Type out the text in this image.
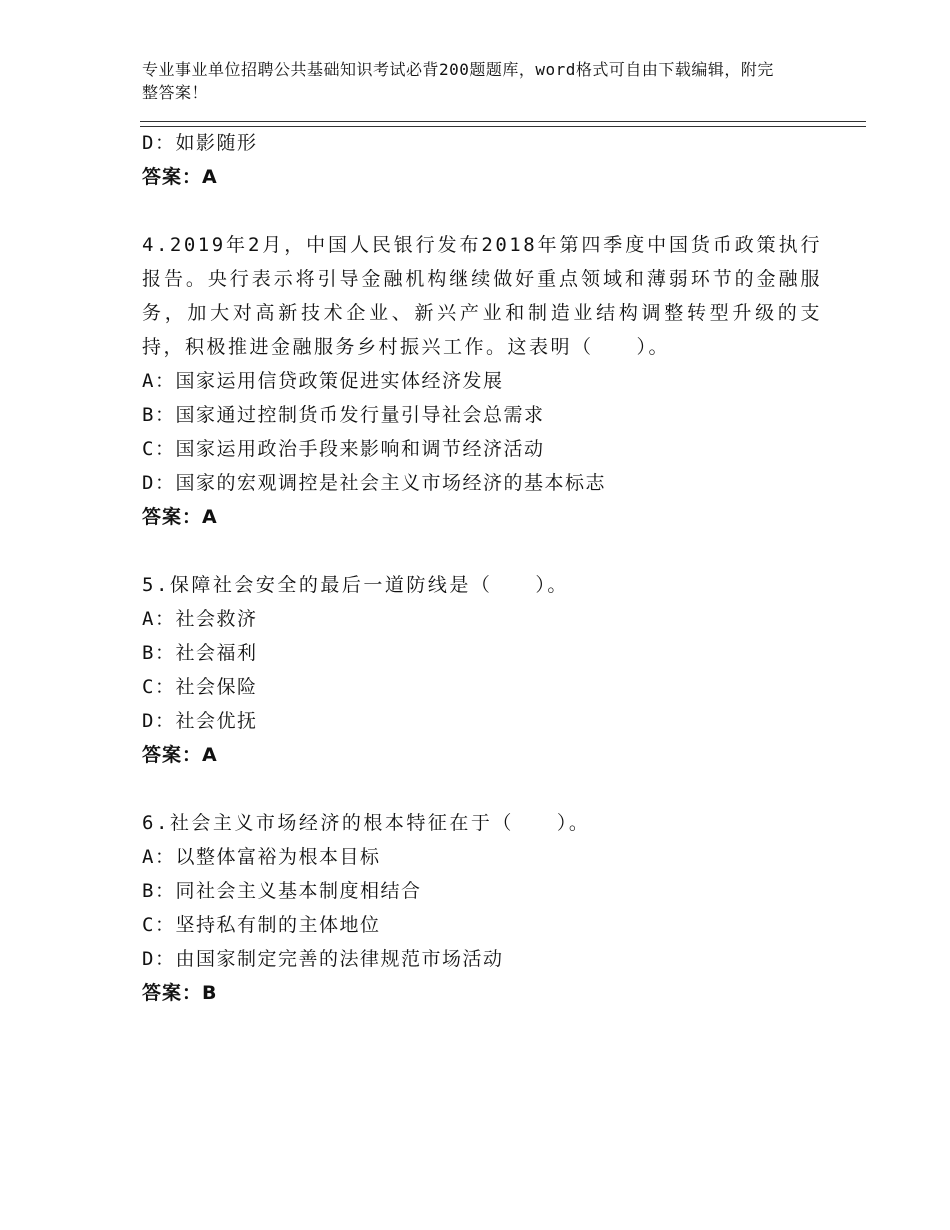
专业事业单位招聘公共基础知识考试必背200题题库，word格式可自由下载编辑，附完整答案！
D：如影随形
答案：A
4.2019年2月，中国人民银行发布2018年第四季度中国货币政策执行报告。央行表示将引导金融机构继续做好重点领域和薄弱环节的金融服务，加大对高新技术企业、新兴产业和制造业结构调整转型升级的支持，积极推进金融服务乡村振兴工作。这表明（　　）。
A：国家运用信贷政策促进实体经济发展
B：国家通过控制货币发行量引导社会总需求
C：国家运用政治手段来影响和调节经济活动
D：国家的宏观调控是社会主义市场经济的基本标志
答案：A
5.保障社会安全的最后一道防线是（　　）。
A：社会救济
B：社会福利
C：社会保险
D：社会优抚
答案：A
6.社会主义市场经济的根本特征在于（　　）。
A：以整体富裕为根本目标
B：同社会主义基本制度相结合
C：坚持私有制的主体地位
D：由国家制定完善的法律规范市场活动
答案：B
